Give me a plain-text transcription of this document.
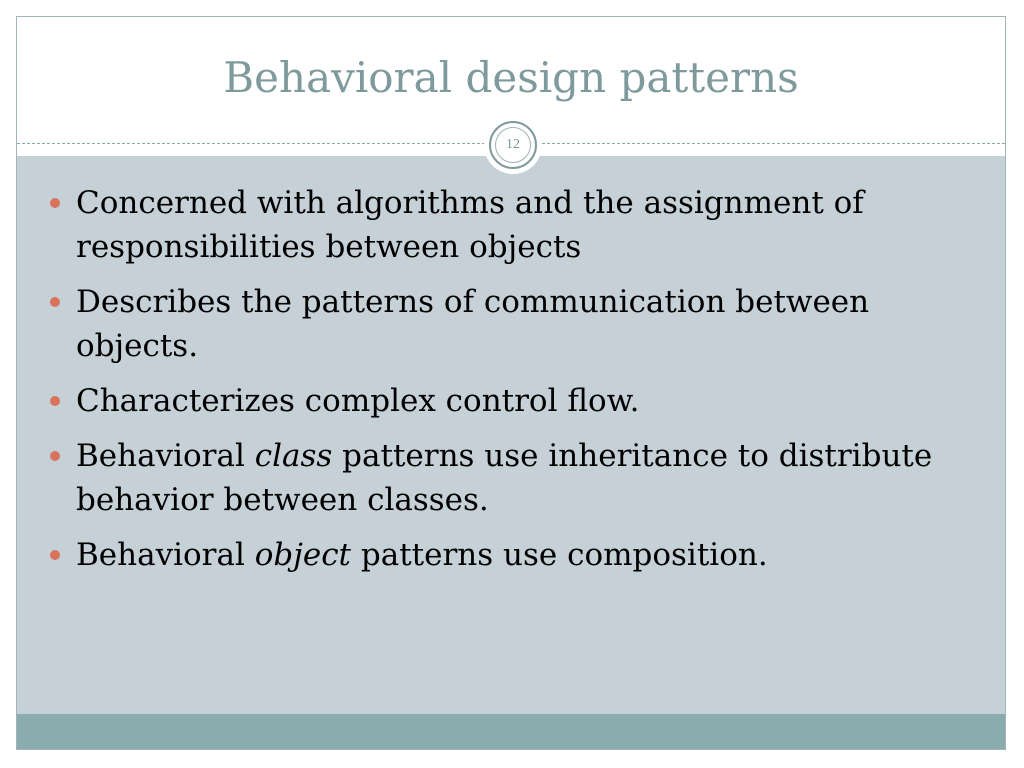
Behavioral design patterns
12
Concerned with algorithms and the assignment of responsibilities between objects
Describes the patterns of communication between objects.
Characterizes complex control flow.
Behavioral class patterns use inheritance to distribute behavior between classes.
Behavioral object patterns use composition.
